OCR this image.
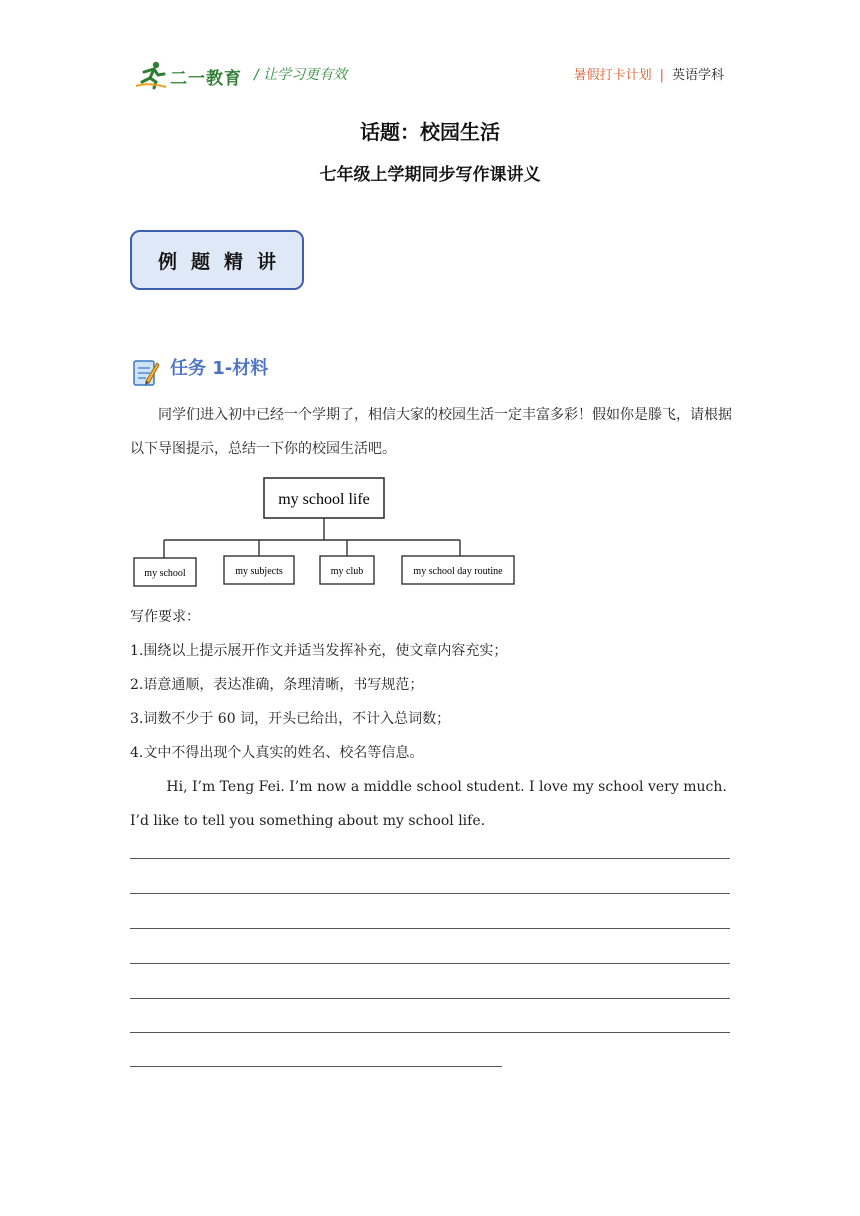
二一教育 / 让学习更有效	暑假打卡计划 | 英语学科
话题：校园生活
七年级上学期同步写作课讲义
例题精讲
任务 1-材料
同学们进入初中已经一个学期了，相信大家的校园生活一定丰富多彩！假如你是滕飞，请根据以下导图提示，总结一下你的校园生活吧。
my school life
my school	my subjects	my club	my school day routine
写作要求：
1.围绕以上提示展开作文并适当发挥补充，使文章内容充实；
2.语意通顺，表达准确，条理清晰，书写规范；
3.词数不少于 60 词，开头已给出，不计入总词数；
4.文中不得出现个人真实的姓名、校名等信息。
Hi, I’m Teng Fei. I’m now a middle school student. I love my school very much. I’d like to tell you something about my school life.
